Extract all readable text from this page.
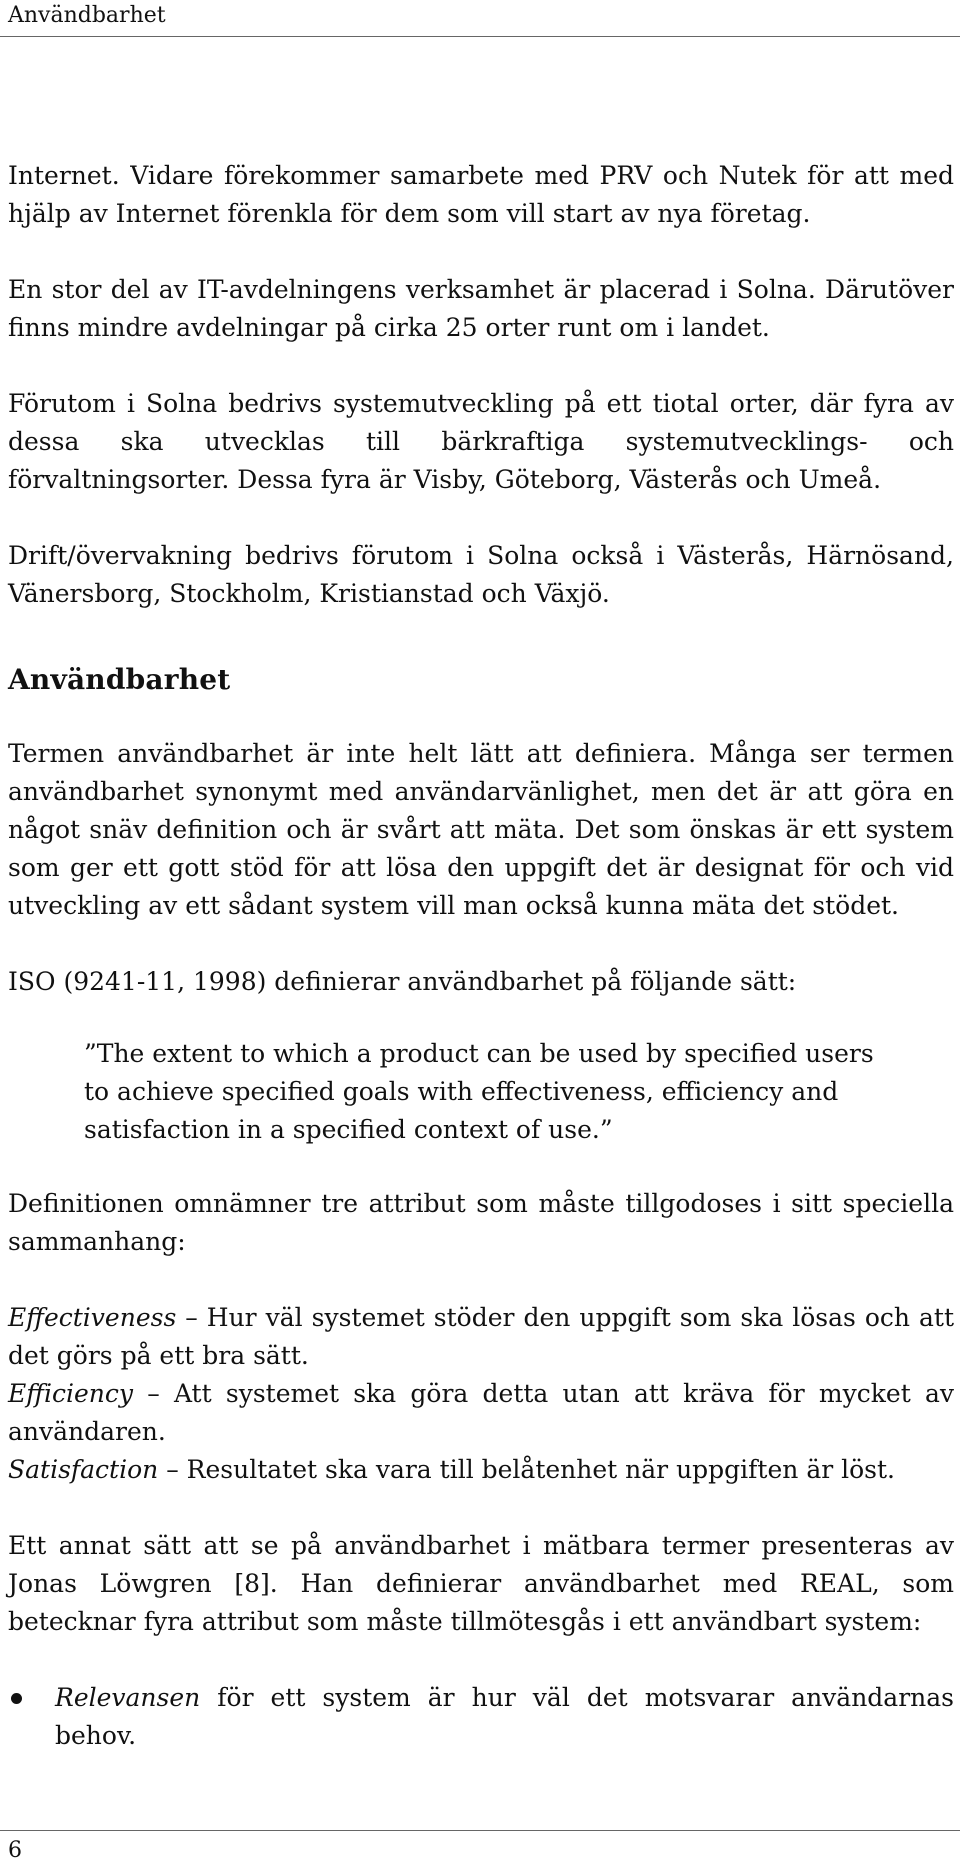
Användbarhet

Internet. Vidare förekommer samarbete med PRV och Nutek för att med hjälp av Internet förenkla för dem som vill start av nya företag.

En stor del av IT-avdelningens verksamhet är placerad i Solna. Därutöver finns mindre avdelningar på cirka 25 orter runt om i landet.

Förutom i Solna bedrivs systemutveckling på ett tiotal orter, där fyra av dessa ska utvecklas till bärkraftiga systemutvecklings- och förvaltningsorter. Dessa fyra är Visby, Göteborg, Västerås och Umeå.

Drift/övervakning bedrivs förutom i Solna också i Västerås, Härnösand, Vänersborg, Stockholm, Kristianstad och Växjö.

Användbarhet

Termen användbarhet är inte helt lätt att definiera. Många ser termen användbarhet synonymt med användarvänlighet, men det är att göra en något snäv definition och är svårt att mäta. Det som önskas är ett system som ger ett gott stöd för att lösa den uppgift det är designat för och vid utveckling av ett sådant system vill man också kunna mäta det stödet.

ISO (9241-11, 1998) definierar användbarhet på följande sätt:

”The extent to which a product can be used by specified users to achieve specified goals with effectiveness, efficiency and satisfaction in a specified context of use.”

Definitionen omnämner tre attribut som måste tillgodoses i sitt speciella sammanhang:

Effectiveness – Hur väl systemet stöder den uppgift som ska lösas och att det görs på ett bra sätt.

Efficiency – Att systemet ska göra detta utan att kräva för mycket av användaren.

Satisfaction – Resultatet ska vara till belåtenhet när uppgiften är löst.

Ett annat sätt att se på användbarhet i mätbara termer presenteras av Jonas Löwgren [8]. Han definierar användbarhet med REAL, som betecknar fyra attribut som måste tillmötesgås i ett användbart system:

Relevansen för ett system är hur väl det motsvarar användarnas behov.
6
